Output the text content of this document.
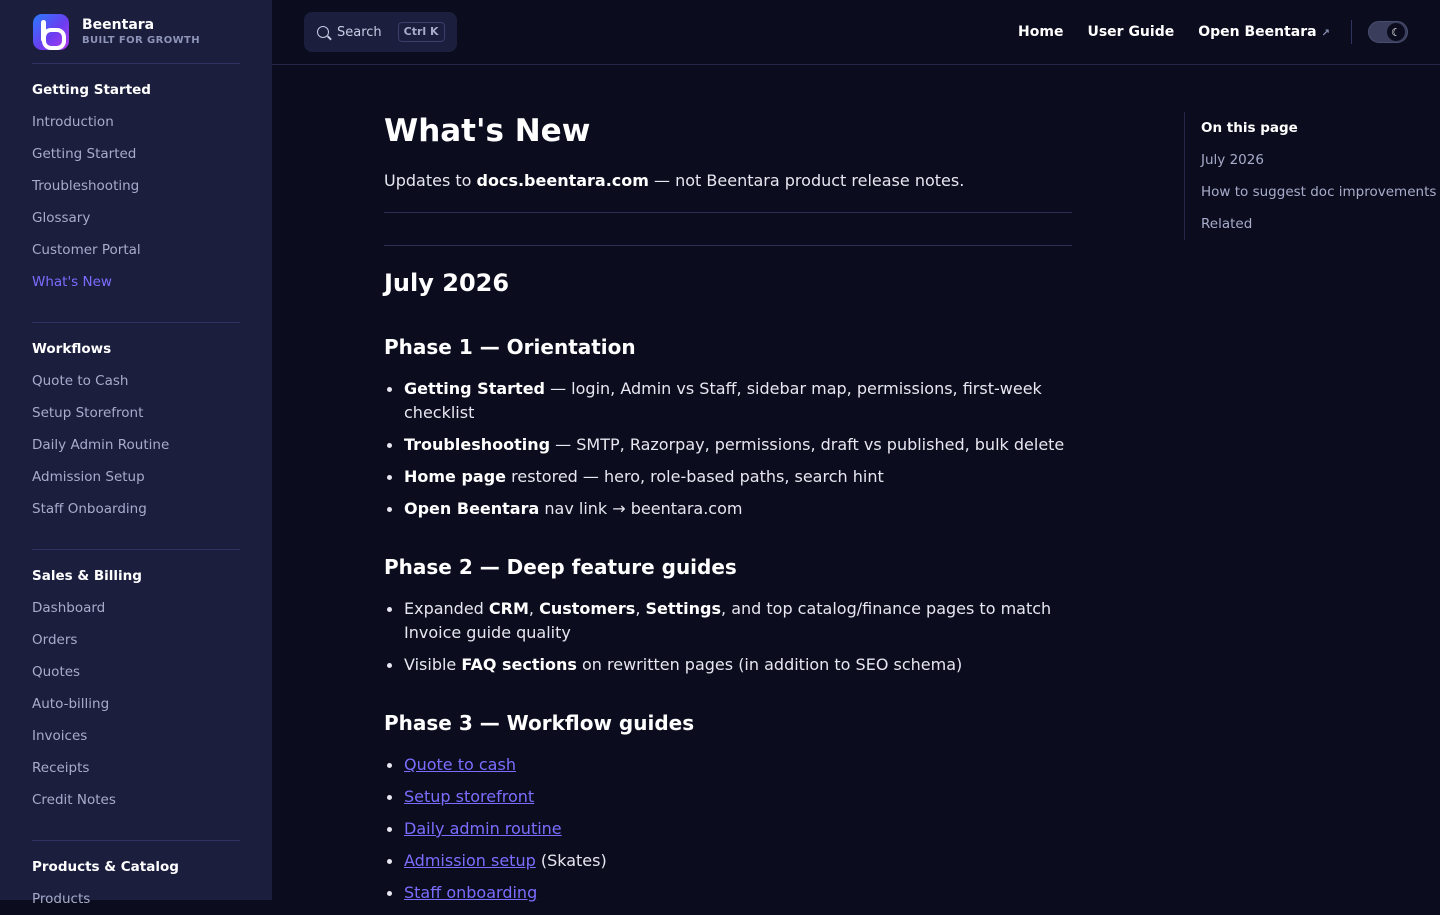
Beentara
BUILT FOR GROWTH
Getting Started
Introduction
Getting Started
Troubleshooting
Glossary
Customer Portal
What's New
Workflows
Quote to Cash
Setup Storefront
Daily Admin Routine
Admission Setup
Staff Onboarding
Sales & Billing
Dashboard
Orders
Quotes
Auto-billing
Invoices
Receipts
Credit Notes
Products & Catalog
Products
Search	Ctrl K	Home User Guide Open Beentara ↗	☾
What's New

Updates to docs.beentara.com — not Beentara product release notes.

July 2026
Phase 1 — Orientation
Getting Started — login, Admin vs Staff, sidebar map, permissions, first-week checklist
Troubleshooting — SMTP, Razorpay, permissions, draft vs published, bulk delete
Home page restored — hero, role-based paths, search hint
Open Beentara nav link → beentara.com
Phase 2 — Deep feature guides
Expanded CRM, Customers, Settings, and top catalog/finance pages to match Invoice guide quality
Visible FAQ sections on rewritten pages (in addition to SEO schema)
Phase 3 — Workflow guides
Quote to cash
Setup storefront
Daily admin routine
Admission setup (Skates)
Staff onboarding
On this page
July 2026
How to suggest doc improvements
Related
